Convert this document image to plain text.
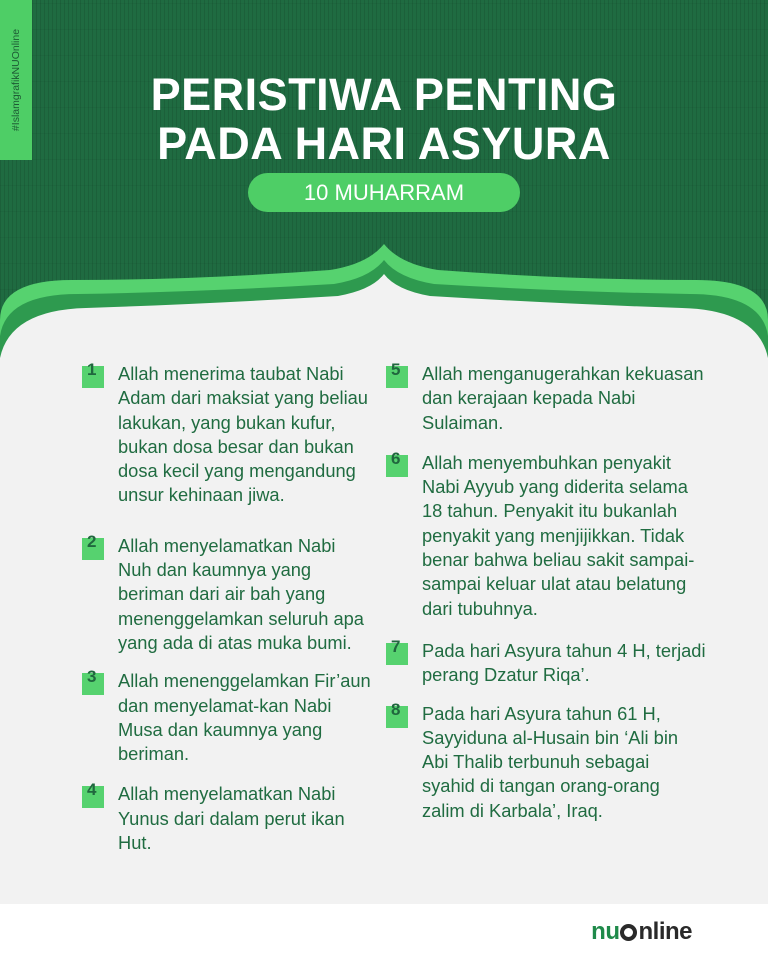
#IslamgrafikNUOnline	PERISTIWA PENTING
PADA HARI ASYURA
10 MUHARRAM
1 Allah menerima taubat Nabi Adam dari maksiat yang beliau lakukan, yang bukan kufur, bukan dosa besar dan bukan dosa kecil yang mengandung unsur kehinaan jiwa.
2 Allah menyelamatkan Nabi Nuh dan kaumnya yang beriman dari air bah yang menenggelamkan seluruh apa yang ada di atas muka bumi.
3 Allah menenggelamkan Fir’aun dan menyelamat-kan Nabi Musa dan kaumnya yang beriman.
4 Allah menyelamatkan Nabi Yunus dari dalam perut ikan Hut.
5 Allah menganugerahkan kekuasan dan kerajaan kepada Nabi Sulaiman.
6 Allah menyembuhkan penyakit Nabi Ayyub yang diderita selama 18 tahun. Penyakit itu bukanlah penyakit yang menjijikkan. Tidak benar bahwa beliau sakit sampai-sampai keluar ulat atau belatung dari tubuhnya.
7 Pada hari Asyura tahun 4 H, terjadi perang Dzatur Riqa’.
8 Pada hari Asyura tahun 61 H, Sayyiduna al-Husain bin ‘Ali bin Abi Thalib terbunuh sebagai syahid di tangan orang-orang zalim di Karbala’, Iraq.
nu nline
